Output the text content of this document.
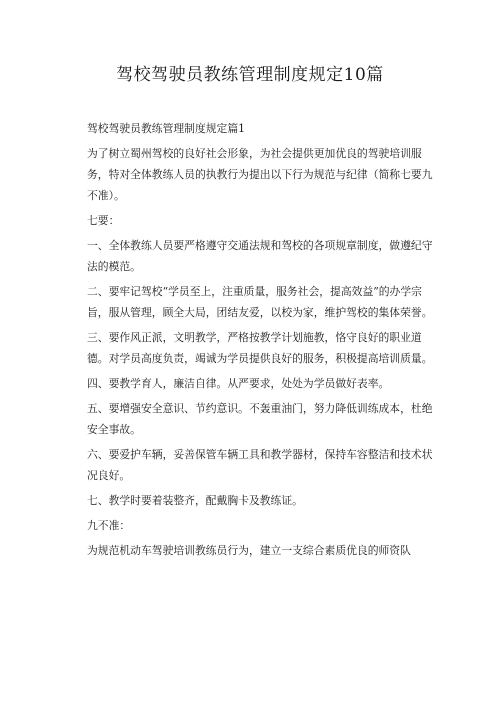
驾校驾驶员教练管理制度规定10篇

驾校驾驶员教练管理制度规定篇1

为了树立蜀州驾校的良好社会形象，为社会提供更加优良的驾驶培训服务，特对全体教练人员的执教行为提出以下行为规范与纪律（简称七要九不准）。

七要：

一、全体教练人员要严格遵守交通法规和驾校的各项规章制度，做遵纪守法的模范。

二、要牢记驾校“学员至上，注重质量，服务社会，提高效益”的办学宗旨，服从管理，顾全大局，团结友爱，以校为家，维护驾校的集体荣誉。

三、要作风正派，文明教学，严格按教学计划施教，恪守良好的职业道德。对学员高度负责，竭诚为学员提供良好的服务，积极提高培训质量。

四、要教学育人，廉洁自律。从严要求，处处为学员做好表率。

五、要增强安全意识、节约意识。不轰重油门，努力降低训练成本，杜绝安全事故。

六、要爱护车辆，妥善保管车辆工具和教学器材，保持车容整洁和技术状况良好。

七、教学时要着装整齐，配戴胸卡及教练证。

九不准：

为规范机动车驾驶培训教练员行为，建立一支综合素质优良的师资队
